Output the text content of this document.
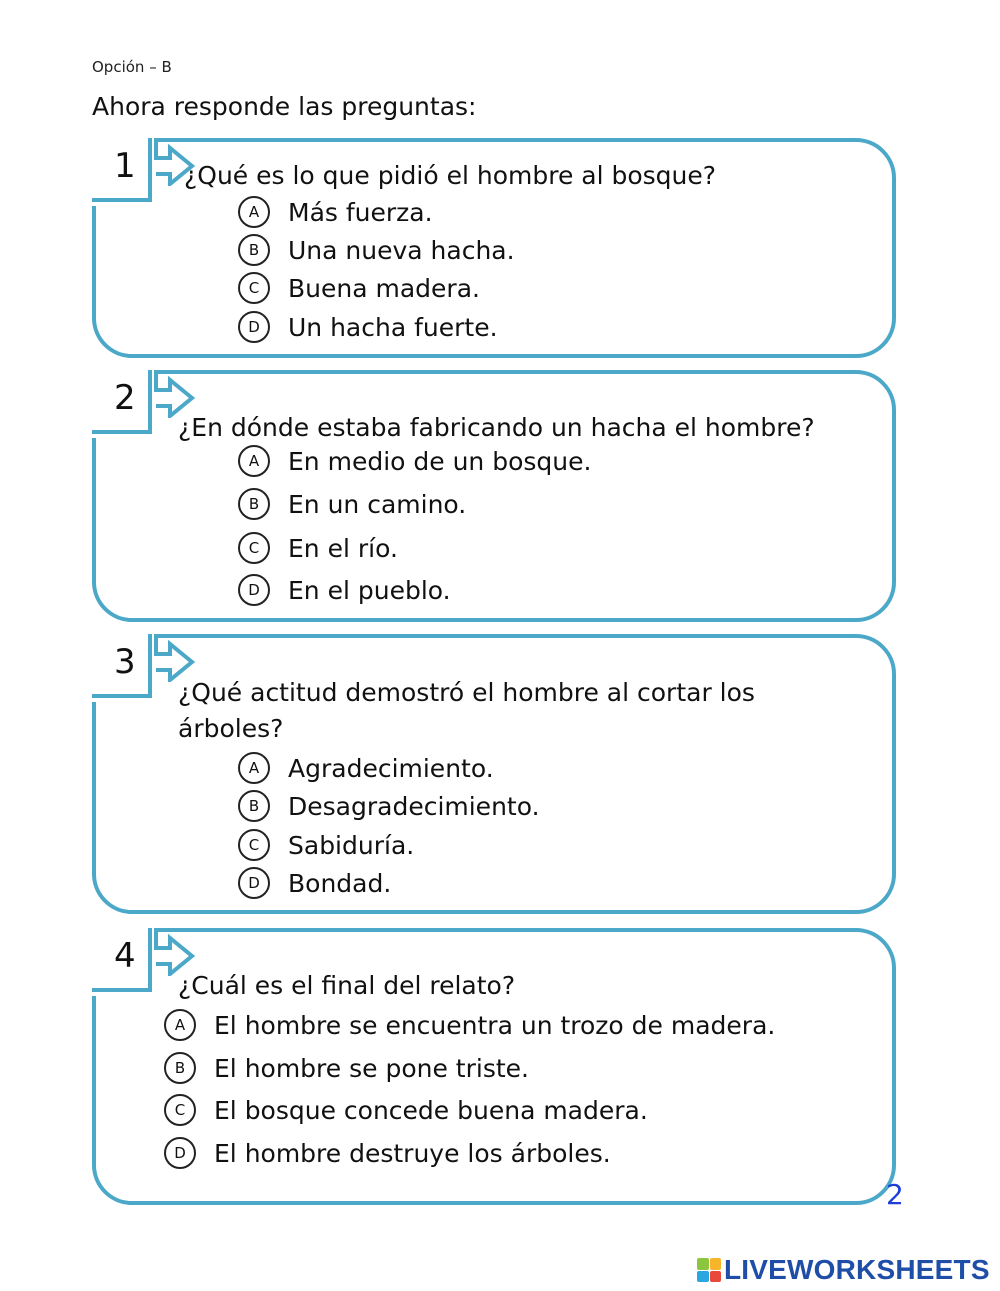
Opción – B
Ahora responde las preguntas:
1 ¿Qué es lo que pidió el hombre al bosque?
A	Más fuerza.
B	Una nueva hacha.
C	Buena madera.
D	Un hacha fuerte.
2
¿En dónde estaba fabricando un hacha el hombre?
A	En medio de un bosque.
B	En un camino.
C	En el río.
D	En el pueblo.
3
¿Qué actitud demostró el hombre al cortar los
árboles?
A	Agradecimiento.
B	Desagradecimiento.
C	Sabiduría.
D	Bondad.
4
¿Cuál es el final del relato?
A	El hombre se encuentra un trozo de madera.
B	El hombre se pone triste.
C	El bosque concede buena madera.
D	El hombre destruye los árboles.
2
LIVEWORKSHEETS
